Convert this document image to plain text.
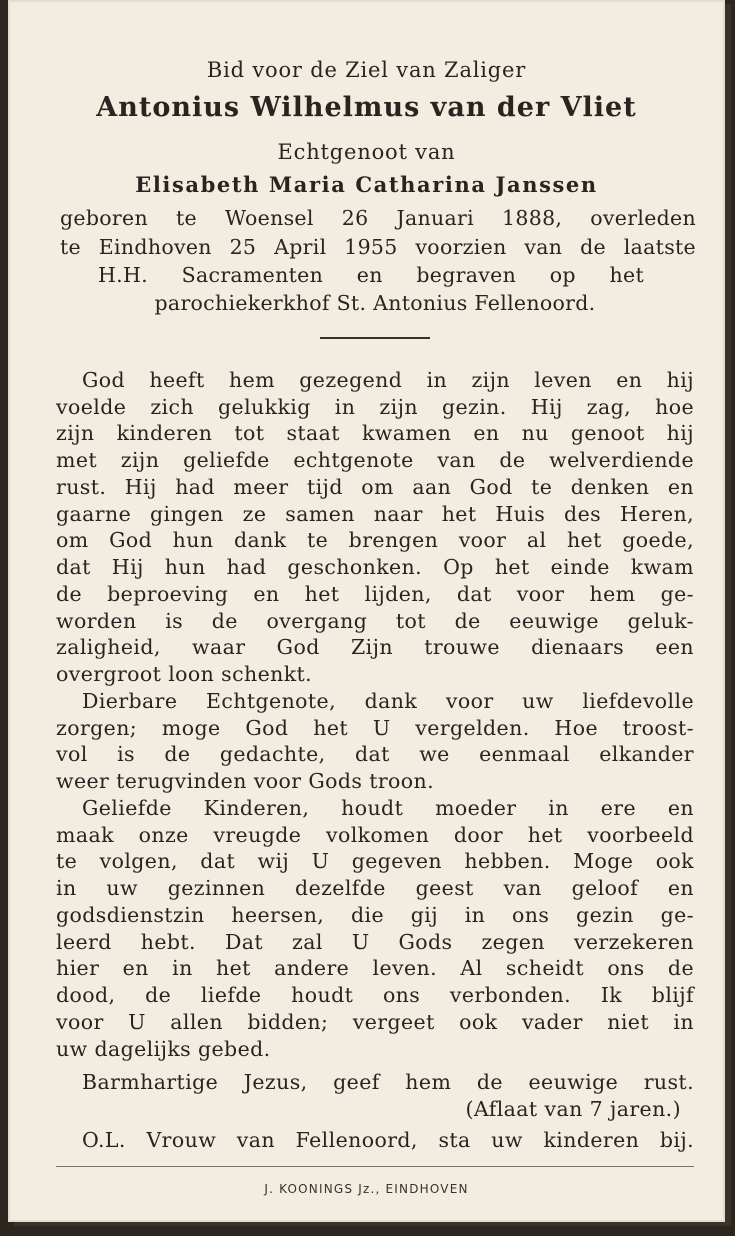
Bid voor de Ziel van Zaliger
Antonius Wilhelmus van der Vliet
Echtgenoot van
Elisabeth Maria Catharina Janssen
geboren te Woensel 26 Januari 1888, overleden
te Eindhoven 25 April 1955 voorzien van de laatste
H.H. Sacramenten en begraven op het
parochiekerkhof St. Antonius Fellenoord.
God heeft hem gezegend in zijn leven en hij
voelde zich gelukkig in zijn gezin. Hij zag, hoe
zijn kinderen tot staat kwamen en nu genoot hij
met zijn geliefde echtgenote van de welverdiende
rust. Hij had meer tijd om aan God te denken en
gaarne gingen ze samen naar het Huis des Heren,
om God hun dank te brengen voor al het goede,
dat Hij hun had geschonken. Op het einde kwam
de beproeving en het lijden, dat voor hem ge-
worden is de overgang tot de eeuwige geluk-
zaligheid, waar God Zijn trouwe dienaars een
overgroot loon schenkt.
Dierbare Echtgenote, dank voor uw liefdevolle
zorgen; moge God het U vergelden. Hoe troost-
vol is de gedachte, dat we eenmaal elkander
weer terugvinden voor Gods troon.
Geliefde Kinderen, houdt moeder in ere en
maak onze vreugde volkomen door het voorbeeld
te volgen, dat wij U gegeven hebben. Moge ook
in uw gezinnen dezelfde geest van geloof en
godsdienstzin heersen, die gij in ons gezin ge-
leerd hebt. Dat zal U Gods zegen verzekeren
hier en in het andere leven. Al scheidt ons de
dood, de liefde houdt ons verbonden. Ik blijf
voor U allen bidden; vergeet ook vader niet in
uw dagelijks gebed.
Barmhartige Jezus, geef hem de eeuwige rust.
(Aflaat van 7 jaren.)
O.L. Vrouw van Fellenoord, sta uw kinderen bij.
J. KOONINGS Jz., EINDHOVEN
